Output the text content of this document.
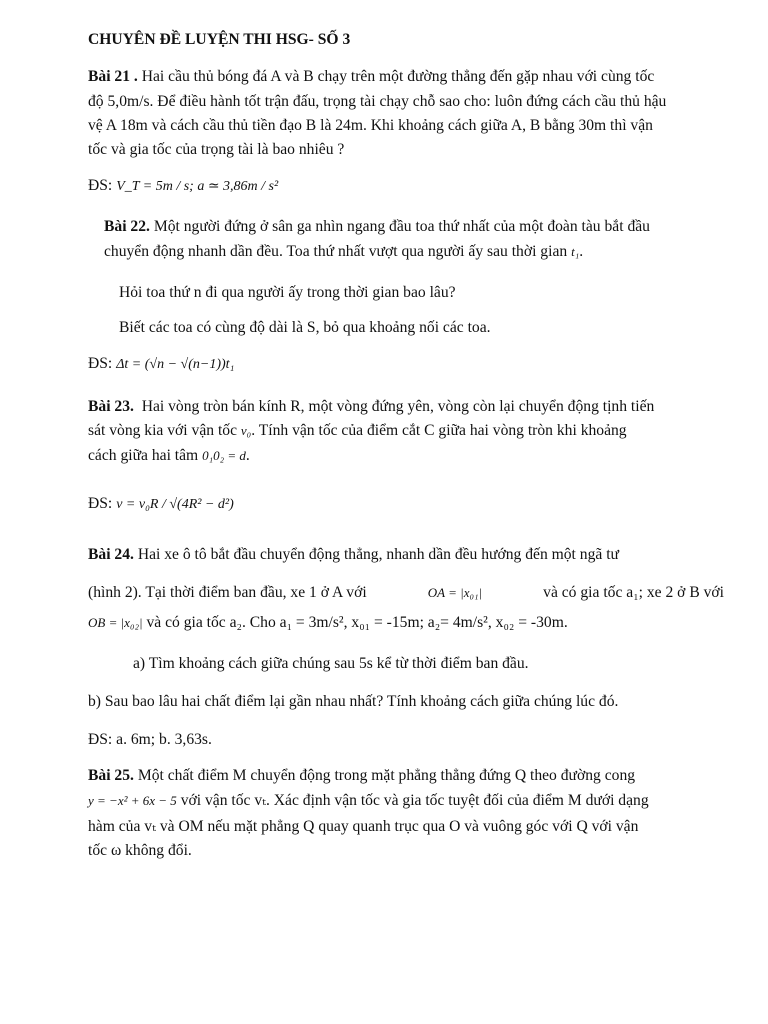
CHUYÊN ĐỀ LUYỆN THI HSG- SỐ 3
Bài 21 . Hai cầu thủ bóng đá A và B chạy trên một đường thẳng đến gặp nhau với cùng tốc
độ 5,0m/s. Để điều hành tốt trận đấu, trọng tài chạy chỗ sao cho: luôn đứng cách cầu thủ hậu
vệ A 18m và cách cầu thủ tiền đạo B là 24m. Khi khoảng cách giữa A, B bằng 30m thì vận
tốc và gia tốc của trọng tài là bao nhiêu ?
ĐS: V_T = 5m / s; a ≃ 3,86m / s²
Bài 22. Một người đứng ở sân ga nhìn ngang đầu toa thứ nhất của một đoàn tàu bắt đầu
chuyển động nhanh dần đều. Toa thứ nhất vượt qua người ấy sau thời gian t₁.
Hỏi toa thứ n đi qua người ấy trong thời gian bao lâu?
Biết các toa có cùng độ dài là S, bỏ qua khoảng nối các toa.
ĐS: Δt = (√n − √(n−1))t₁
Bài 23. Hai vòng tròn bán kính R, một vòng đứng yên, vòng còn lại chuyển động tịnh tiến
sát vòng kia với vận tốc v₀. Tính vận tốc của điểm cắt C giữa hai vòng tròn khi khoảng
cách giữa hai tâm 0₁0₂ = d.
ĐS: v = v₀R / √(4R² − d²)
Bài 24. Hai xe ô tô bắt đầu chuyển động thẳng, nhanh dần đều hướng đến một ngã tư
(hình 2). Tại thời điểm ban đầu, xe 1 ở A với	OA = |x₀₁|	và có gia tốc a₁; xe 2 ở B với
OB = |x₀₂| và có gia tốc a₂. Cho a₁ = 3m/s², x₀₁ = -15m; a₂= 4m/s², x₀₂ = -30m.
a) Tìm khoảng cách giữa chúng sau 5s kể từ thời điểm ban đầu.
b) Sau bao lâu hai chất điểm lại gần nhau nhất? Tính khoảng cách giữa chúng lúc đó.
ĐS: a. 6m; b. 3,63s.
Bài 25. Một chất điểm M chuyển động trong mặt phẳng thẳng đứng Q theo đường cong
y = −x² + 6x − 5 với vận tốc vₜ. Xác định vận tốc và gia tốc tuyệt đối của điểm M dưới dạng
hàm của vₜ và OM nếu mặt phẳng Q quay quanh trục qua O và vuông góc với Q với vận
tốc ω không đổi.
